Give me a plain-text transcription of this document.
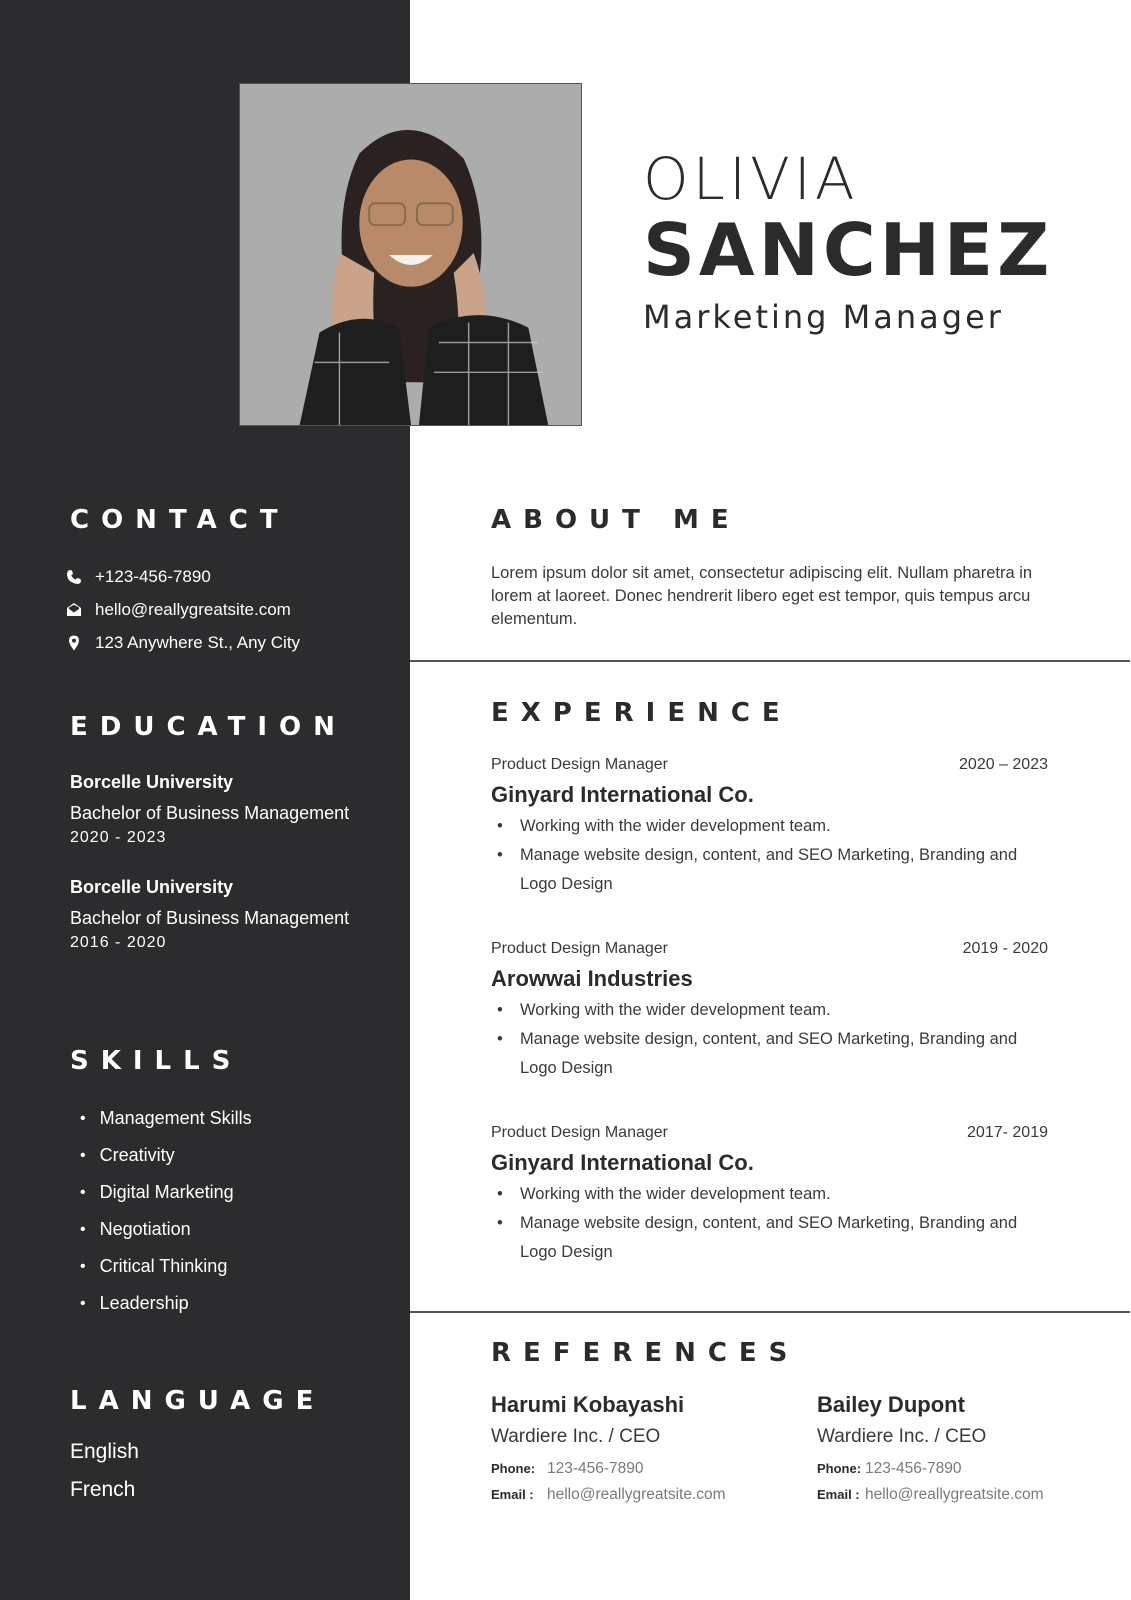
OLIVIA
SANCHEZ
Marketing Manager
CONTACT
+123-456-7890
hello@reallygreatsite.com
123 Anywhere St., Any City
EDUCATION
Borcelle University
Bachelor of Business Management
2020 - 2023
Borcelle University
Bachelor of Business Management
2016 - 2020
SKILLS
• Management Skills
• Creativity
• Digital Marketing
• Negotiation
• Critical Thinking
• Leadership
LANGUAGE
English
French
ABOUT ME
Lorem ipsum dolor sit amet, consectetur adipiscing elit. Nullam pharetra in lorem at laoreet. Donec hendrerit libero eget est tempor, quis tempus arcu elementum.
EXPERIENCE
Product Design Manager	2020 – 2023
Ginyard International Co.
• Working with the wider development team.
• Manage website design, content, and SEO Marketing, Branding and Logo Design
Product Design Manager	2019 - 2020
Arowwai Industries
• Working with the wider development team.
• Manage website design, content, and SEO Marketing, Branding and Logo Design
Product Design Manager	2017- 2019
Ginyard International Co.
• Working with the wider development team.
• Manage website design, content, and SEO Marketing, Branding and Logo Design
REFERENCES
Harumi Kobayashi
Wardiere Inc. / CEO
Phone: 123-456-7890
Email : hello@reallygreatsite.com
Bailey Dupont
Wardiere Inc. / CEO
Phone: 123-456-7890
Email : hello@reallygreatsite.com
